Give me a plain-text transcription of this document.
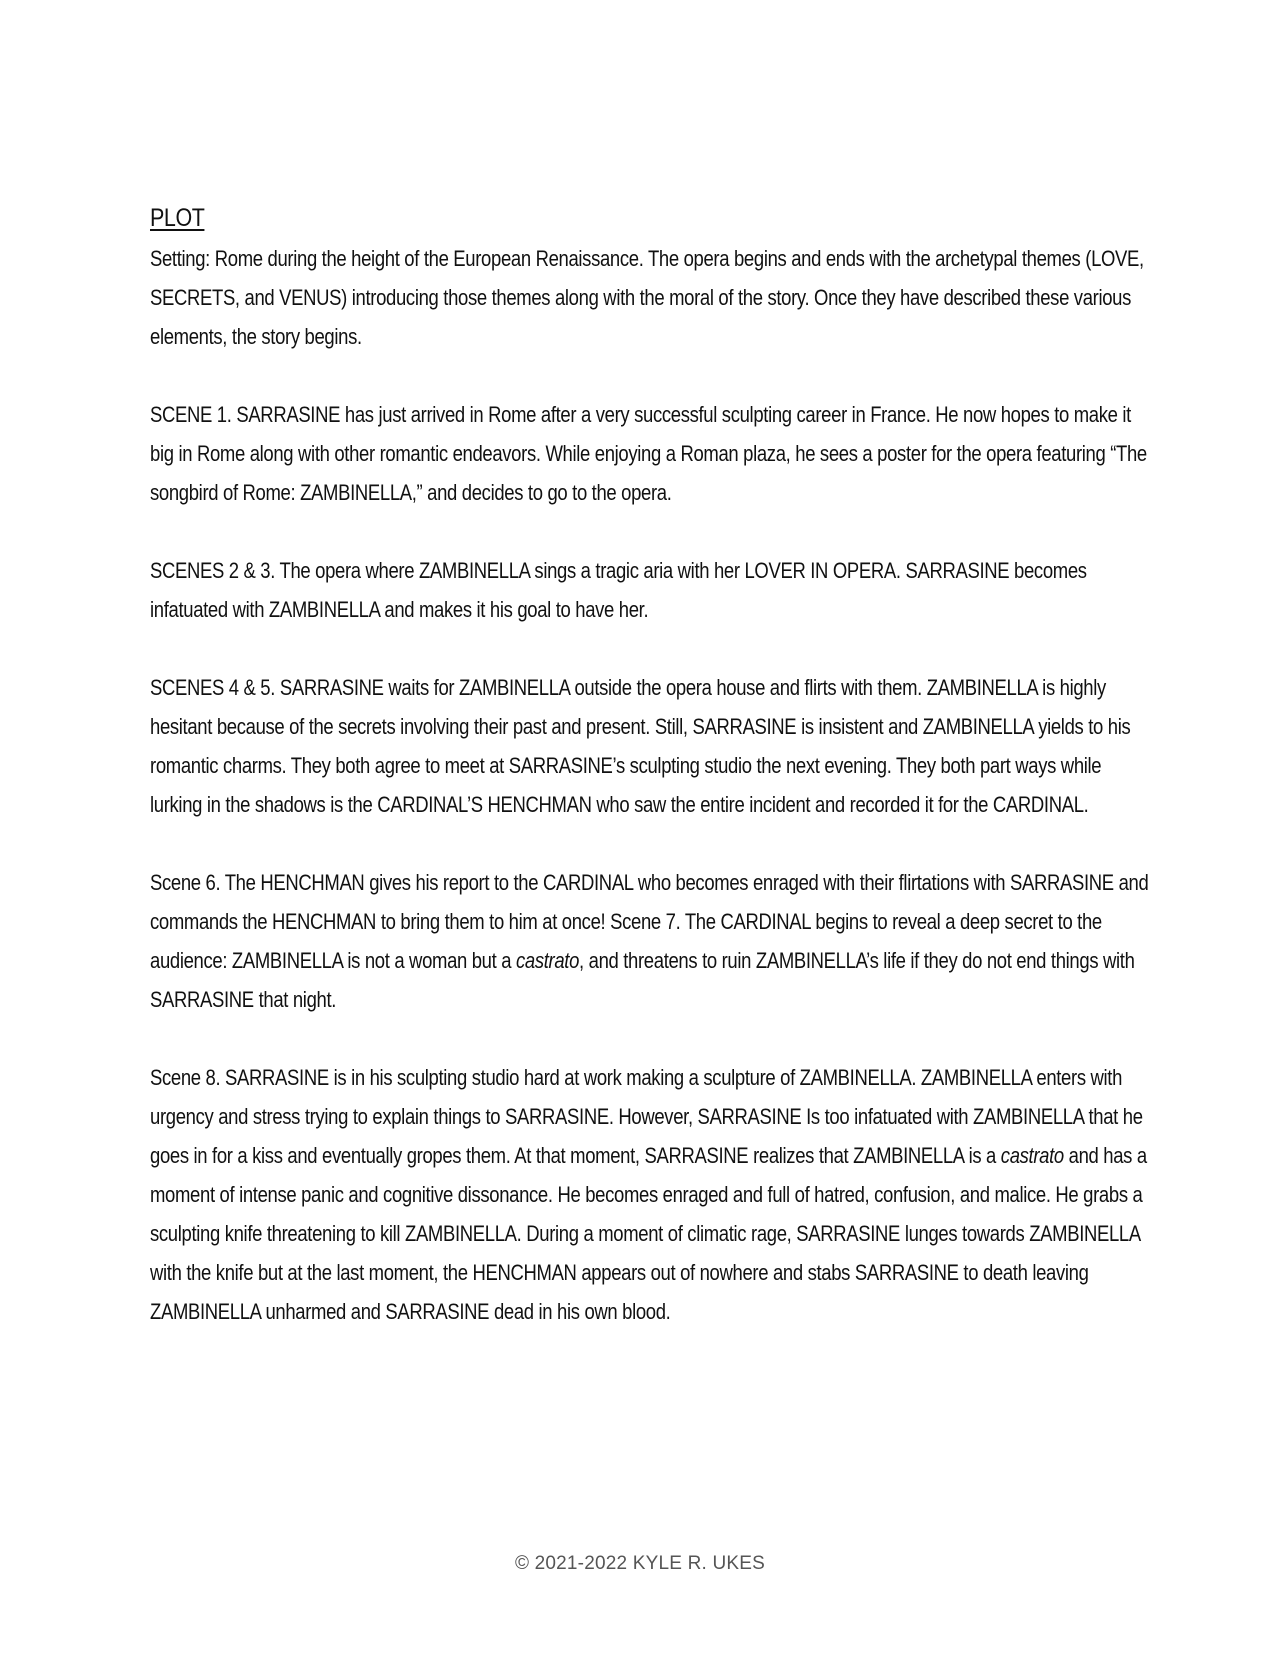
PLOT

Setting: Rome during the height of the European Renaissance. The opera begins and ends with the archetypal themes (LOVE, SECRETS, and VENUS) introducing those themes along with the moral of the story. Once they have described these various elements, the story begins.

SCENE 1. SARRASINE has just arrived in Rome after a very successful sculpting career in France. He now hopes to make it big in Rome along with other romantic endeavors. While enjoying a Roman plaza, he sees a poster for the opera featuring “The songbird of Rome: ZAMBINELLA,” and decides to go to the opera.

SCENES 2 & 3. The opera where ZAMBINELLA sings a tragic aria with her LOVER IN OPERA. SARRASINE becomes infatuated with ZAMBINELLA and makes it his goal to have her.

SCENES 4 & 5. SARRASINE waits for ZAMBINELLA outside the opera house and flirts with them. ZAMBINELLA is highly hesitant because of the secrets involving their past and present. Still, SARRASINE is insistent and ZAMBINELLA yields to his romantic charms. They both agree to meet at SARRASINE’s sculpting studio the next evening. They both part ways while lurking in the shadows is the CARDINAL’S HENCHMAN who saw the entire incident and recorded it for the CARDINAL.

Scene 6. The HENCHMAN gives his report to the CARDINAL who becomes enraged with their flirtations with SARRASINE and commands the HENCHMAN to bring them to him at once! Scene 7. The CARDINAL begins to reveal a deep secret to the audience: ZAMBINELLA is not a woman but a castrato, and threatens to ruin ZAMBINELLA’s life if they do not end things with SARRASINE that night.

Scene 8. SARRASINE is in his sculpting studio hard at work making a sculpture of ZAMBINELLA. ZAMBINELLA enters with urgency and stress trying to explain things to SARRASINE. However, SARRASINE Is too infatuated with ZAMBINELLA that he goes in for a kiss and eventually gropes them. At that moment, SARRASINE realizes that ZAMBINELLA is a castrato and has a moment of intense panic and cognitive dissonance. He becomes enraged and full of hatred, confusion, and malice. He grabs a sculpting knife threatening to kill ZAMBINELLA. During a moment of climatic rage, SARRASINE lunges towards ZAMBINELLA with the knife but at the last moment, the HENCHMAN appears out of nowhere and stabs SARRASINE to death leaving ZAMBINELLA unharmed and SARRASINE dead in his own blood.

© 2021-2022 KYLE R. UKES
